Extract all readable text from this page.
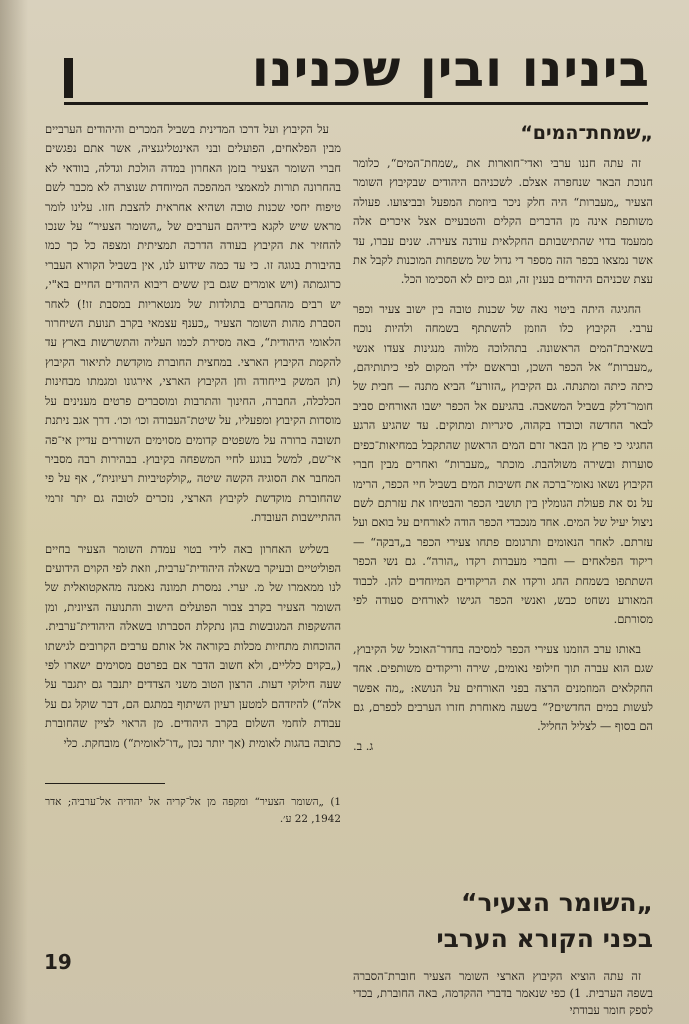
בינינו ובין שכנינו
„שמחת־המים“

זה עתה חננו ערבי ואדי־חוארות את „שמחת־המים“, כלומר חנוכת הבאר שנחפרה אצלם. לשכניהם היהודים שבקיבוץ השומר הצעיר „מעברות“ היה חלק ניכר ביוזמת המפעל ובביצועו. פעולה משותפת אינה מן הדברים הקלים והטבעיים אצל איכרים אלה ממעמד בדוי שהתישבותם החקלאית עודנה צעירה. שנים עברו, עד אשר נמצאו בכפר הזה מספר די גדול של משפחות המוכנות לקבל את עצת שכניהם היהודים בענין זה, וגם כיום לא הסכימו הכל.

החגיגה היתה ביטוי נאה של שכנות טובה בין ישוב צעיר וכפר ערבי. הקיבוץ כלו הוזמן להשתתף בשמחה ולהיות נוכח בשאיבת־המים הראשונה. בתהלוכה מלווה מנגינות צעדו אנשי „מעברות“ אל הכפר השכן, ובראשם ילדי המקום לפי כיתותיהם, כיתה כיתה ומתנתה. גם הקיבוץ „הזורע“ הביא מתנה — חבית של חומר־דלק בשביל המשאבה. בהגיעם אל הכפר ישבו האורחים סביב לבאר החדשה וכובדו בקהוה, סיגריות ומתוקים. עד שהגיע הרגע החגיגי כי פרץ מן הבאר זרם המים הראשון שהתקבל במחיאות־כפים סוערות ובשירה משולהבת. מוכתר „מעברות“ ואחרים מבין חברי הקיבוץ נשאו נאומי־ברכה את חשיבות המים בשביל חיי הכפר, הרימו על נס את פעולת הגומלין בין תושבי הכפר והבטיחו את עזרתם לשם ניצול יעיל של המים. אחד מנכבדי הכפר הודה לאורחים על בואם ועל עזרתם. לאחר הנאומים ותרגומם פתחו צעירי הכפר ב„דבקה“ — ריקוד הפלאחים — וחברי מעברות רקדו „הורה“. גם נשי הכפר השתתפו בשמחת החג ורקדו את הריקודים המיוחדים להן. לכבוד המאורע נשחט כבש, ואנשי הכפר הגישו לאורחים סעודה לפי מסורתם.

באותו ערב הוזמנו צעירי הכפר למסיבה בחדר־האוכל של הקיבוץ, שגם הוא עברה תוך חילופי נאומים, שירה וריקודים משותפים. אחד החקלאים המוזמנים הרצה בפני האורחים על הנושא: „מה אפשר לעשות במים החדשים?“ בשעה מאוחרת חזרו הערבים לכפרם, גם הם בסוף — לצליל החליל.

ג. ב.

על הקיבוץ ועל דרכו המדינית בשביל המכרים והיהודים הערביים מבין הפלאחים, הפועלים ובני האינטליגנציה, אשר אתם נפגשים חברי השומר הצעיר בזמן האחרון במדה הולכת וגדלה, בוודאי לא בהחרונה תורות למאמצי המהפכה המיוחדת שנוצרה לא מכבר לשם טיפוח יחסי שכנות טובה ושהיא אחראית להצבת חזו. עלינו לומר מראש שיש לקגא בידיהם הערבים של „השומר הצעיר“ על שנכו להחזיר את הקיבוץ בעודה הדרכה תמציתית ומצפה כל כך כמו בהיבורת בגוגה זו. כי עד כמה שידוע לנו, אין בשביל הקורא העברי כרוגמתה (ויש אומרים שגם בין ששים ריבוא היהודים החיים בא"י, יש רבים מהחברים בתולדות של מנטאריות במסבת זו!) לאחר הסברת מהות השומר הצעיר „כענף עצמאי בקרב תנועת השיחרור הלאומי היהודית“, באה מסירת לכמו העליה והתשרשות בארץ עד להקמת הקיבוץ הארצי. במחצית החוברת מוקדשת לתיאור הקיבוץ (תן המשק בייחודה וחן הקיבוץ הארצי, אירגונו ומגמתו מבחינות הכלכלה, החברה, החינוך והתרבות ומוסברים פרטים מענינים על מוסדות הקיבוץ ומפעליו, על שיטת־העבודה וכו׳ וכו׳. דרך אגב ניתנת תשובה ברורה על משפטים קדומים מסוימים השוררים עדיין אי־פה אי־שם, למשל בנוגע לחיי המשפחה בקיבוץ. בבהירות רבה מסביר המחבר את הסוגיה הקשה שיטה „קולקטיביות רעיונית“, אף על פי שהחוברת מוקדשת לקיבוץ הארצי, נזכרים לטובה גם יתר זרמי ההתיישבות העובדת.

בשליש האחרון באה לידי בטוי עמדת השומר הצעיר בחיים הפוליטיים ובעיקר בשאלה היהודית־ערבית, וזאת לפי הקוים הידועים לנו ממאמרו של מ. יערי. נמסרת תמונה נאמנה מהאקטואלית של השומר הצעיר בקרב צבור הפועלים הישוב והתנועה הציונית, ומן ההשקפות המגובשות בהן נתקלת הסברתו בשאלה היהודית־ערבית. ההוכחות מתחיות מכלות בקוראה אל אותם ערבים הקרובים לגישתו („בקוים כלליים, ולא חשוב הדבר אם בפרטם מסוימים ישארו לפי שעה חילוקי דעות. הרצון הטוב משני הצדדים יתנבר גם יתגבר על אלה“) להיזדהם למטען רעיון השיתוף במתגם הם, דבר שוקל גם על עבודת לוחמי השלום בקרב היהודים. מן הראוי לציין שהחוברת כתובה בהגות לאומית (אך יותר נכון „דו־לאומית“) מובחקת. כלי

1) „השומר הצעיר“ ומקפה מן אל־קריה אל יהודיה אל־ערביה; אדר 1942, 22 ע׳.
„השומר הצעיר“
בפני הקורא הערבי

זה עתה הוציא הקיבוץ הארצי השומר הצעיר חוברת־הסברה בשפה הערבית. 1) כפי שנאמר בדברי ההקדמה, באה החוברת, בכדי לספק חומר עבודתי

19
